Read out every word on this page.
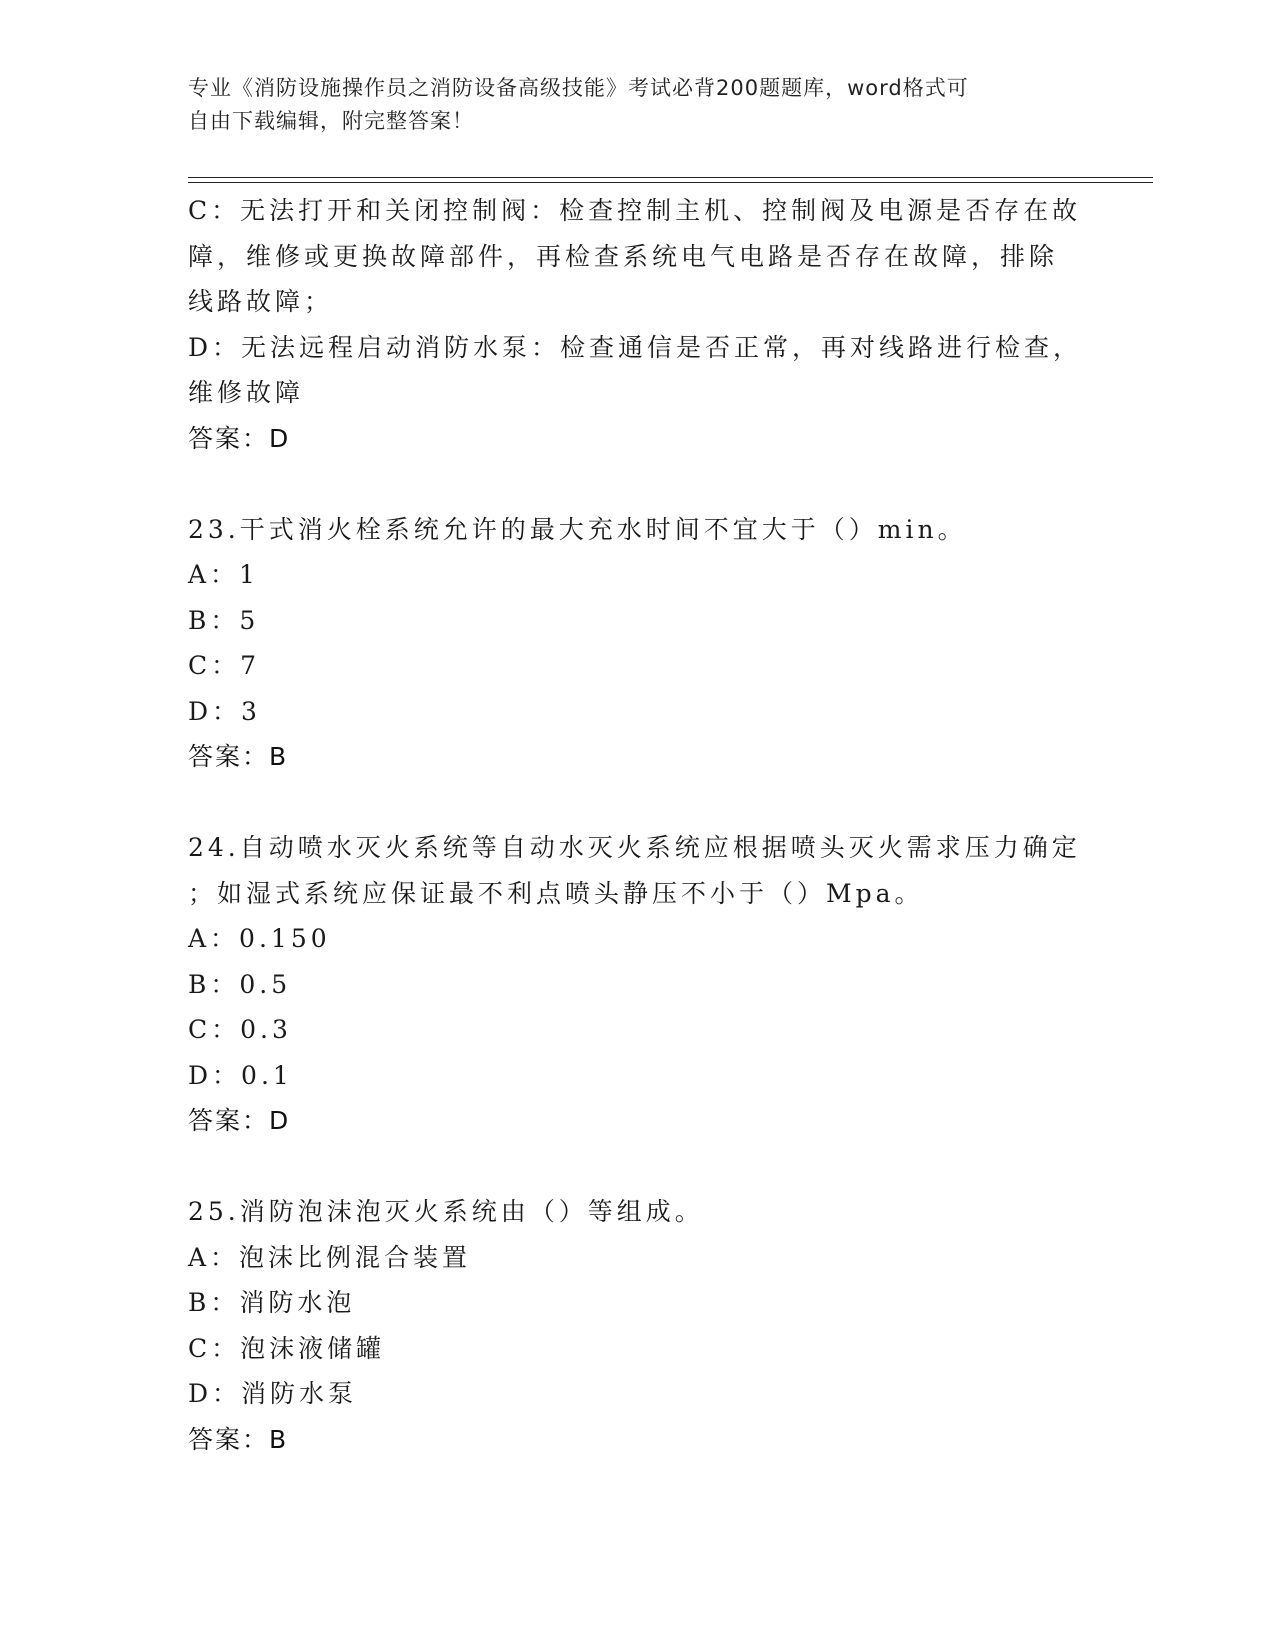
专业《消防设施操作员之消防设备高级技能》考试必背200题题库，word格式可
自由下载编辑，附完整答案！
C：无法打开和关闭控制阀：检查控制主机、控制阀及电源是否存在故
障，维修或更换故障部件，再检查系统电气电路是否存在故障，排除
线路故障；
D：无法远程启动消防水泵：检查通信是否正常，再对线路进行检查，
维修故障
答案：D
23.干式消火栓系统允许的最大充水时间不宜大于（）min。
A：1
B：5
C：7
D：3
答案：B
24.自动喷水灭火系统等自动水灭火系统应根据喷头灭火需求压力确定
；如湿式系统应保证最不利点喷头静压不小于（）Mpa。
A：0.150
B：0.5
C：0.3
D：0.1
答案：D
25.消防泡沫泡灭火系统由（）等组成。
A：泡沫比例混合装置
B：消防水泡
C：泡沫液储罐
D：消防水泵
答案：B
